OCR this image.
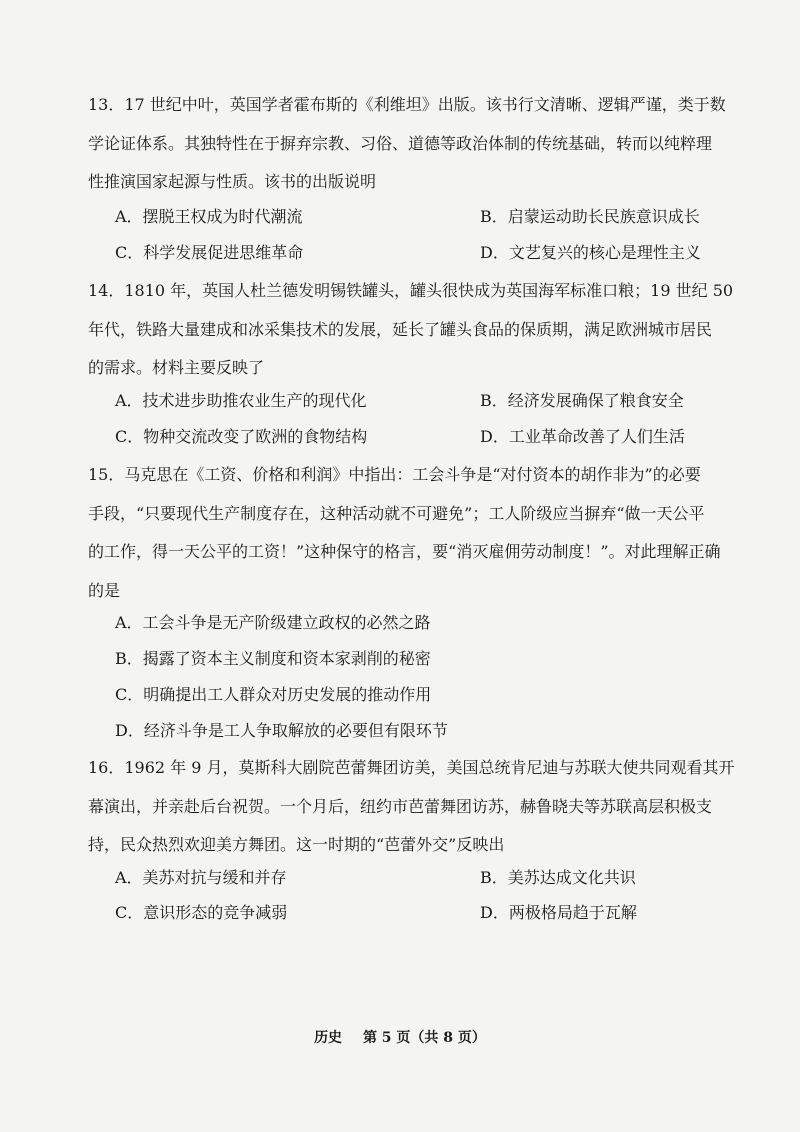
13．17 世纪中叶，英国学者霍布斯的《利维坦》出版。该书行文清晰、逻辑严谨，类于数

学论证体系。其独特性在于摒弃宗教、习俗、道德等政治体制的传统基础，转而以纯粹理

性推演国家起源与性质。该书的出版说明

A．摆脱王权成为时代潮流	B．启蒙运动助长民族意识成长
C．科学发展促进思维革命	D．文艺复兴的核心是理性主义

14．1810 年，英国人杜兰德发明锡铁罐头，罐头很快成为英国海军标准口粮；19 世纪 50

年代，铁路大量建成和冰采集技术的发展，延长了罐头食品的保质期，满足欧洲城市居民

的需求。材料主要反映了

A．技术进步助推农业生产的现代化	B．经济发展确保了粮食安全
C．物种交流改变了欧洲的食物结构	D．工业革命改善了人们生活

15．马克思在《工资、价格和利润》中指出：工会斗争是“对付资本的胡作非为”的必要

手段，“只要现代生产制度存在，这种活动就不可避免”；工人阶级应当摒弃“做一天公平

的工作，得一天公平的工资！”这种保守的格言，要“消灭雇佣劳动制度！”。对此理解正确

的是

A．工会斗争是无产阶级建立政权的必然之路
B．揭露了资本主义制度和资本家剥削的秘密
C．明确提出工人群众对历史发展的推动作用
D．经济斗争是工人争取解放的必要但有限环节

16．1962 年 9 月，莫斯科大剧院芭蕾舞团访美，美国总统肯尼迪与苏联大使共同观看其开

幕演出，并亲赴后台祝贺。一个月后，纽约市芭蕾舞团访苏，赫鲁晓夫等苏联高层积极支

持，民众热烈欢迎美方舞团。这一时期的“芭蕾外交”反映出

A．美苏对抗与缓和并存	B．美苏达成文化共识
C．意识形态的竞争减弱	D．两极格局趋于瓦解
历史 第 5 页（共 8 页）
